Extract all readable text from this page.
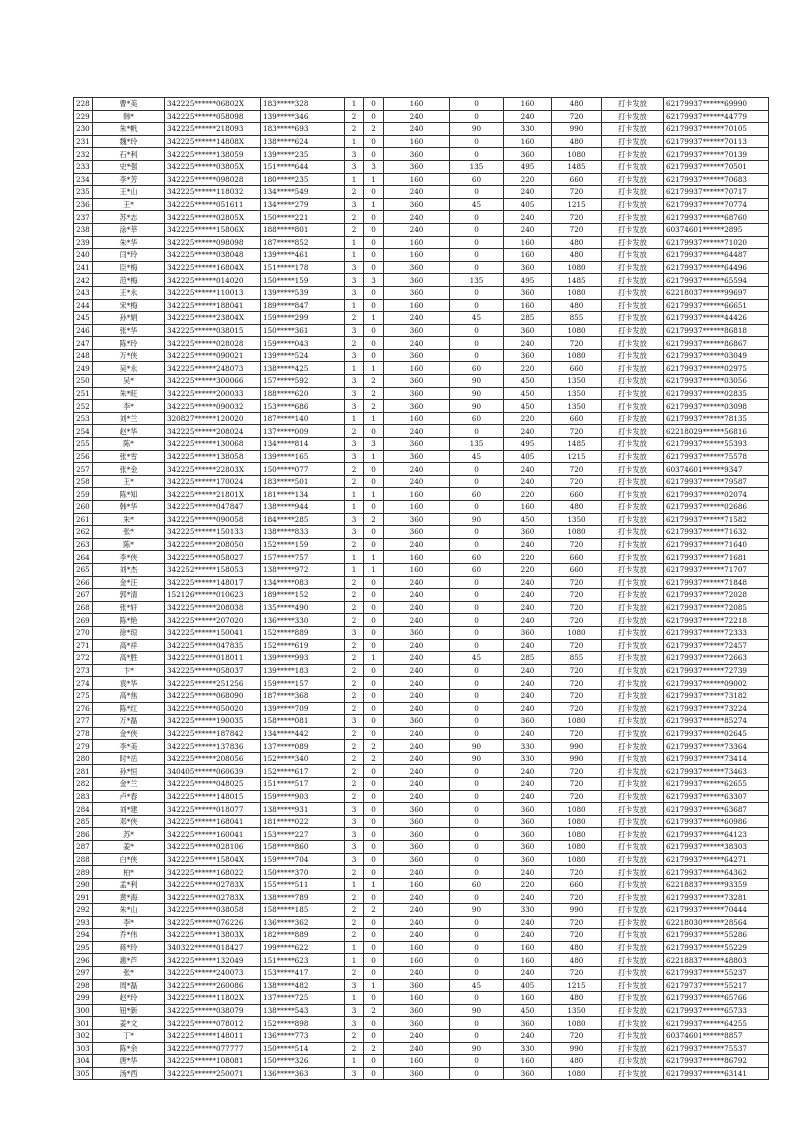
228	曹*美	342225******06802X	183*****328	1	0	160	0	160	480	打卡发放	62179937******69990
229	韩*	342225******058098	139*****346	2	0	240	0	240	720	打卡发放	62179937******44779
230	朱*帆	342225******218093	183*****693	2	2	240	90	330	990	打卡发放	62179937******70105
231	魏*玲	342225******14808X	138*****624	1	0	160	0	160	480	打卡发放	62179937******70113
232	石*利	342225******138059	139*****235	3	0	360	0	360	1080	打卡发放	62179937******70139
233	史*强	342225******03805X	151*****644	3	3	360	135	495	1485	打卡发放	62179937******70501
234	李*芳	342225******098028	180*****235	1	1	160	60	220	660	打卡发放	62179937******70683
235	王*山	342225******118032	134*****549	2	0	240	0	240	720	打卡发放	62179937******70717
236	王*	342225******051611	134*****279	3	1	360	45	405	1215	打卡发放	62179937******70774
237	苏*志	342225******02805X	150*****221	2	0	240	0	240	720	打卡发放	62179937******68760
238	涂*莘	342225******15806X	188*****801	2	0	240	0	240	720	打卡发放	60374601******2895
239	朱*华	342225******098098	187*****852	1	0	160	0	160	480	打卡发放	62179937******71020
240	闫*玲	342225******038048	139*****461	1	0	160	0	160	480	打卡发放	62179937******64487
241	臣*梅	342225******16804X	151*****178	3	0	360	0	360	1080	打卡发放	62179937******64496
242	范*梅	342225******014020	150*****159	3	3	360	135	495	1485	打卡发放	62179937******65594
243	王*永	342225******110013	139*****539	3	0	360	0	360	1080	打卡发放	62218037******99697
244	宋*梅	342225******188041	189*****847	1	0	160	0	160	480	打卡发放	62179937******66651
245	孙*娟	342225******23804X	159*****299	2	1	240	45	285	855	打卡发放	62179937******44426
246	张*华	342225******038015	150*****361	3	0	360	0	360	1080	打卡发放	62179937******86818
247	陈*玲	342225******028028	159*****043	2	0	240	0	240	720	打卡发放	62179937******86867
248	万*侠	342225******090021	139*****524	3	0	360	0	360	1080	打卡发放	62179937******03049
249	吴*永	342225******248073	138*****425	1	1	160	60	220	660	打卡发放	62179937******02975
250	吴*	342225******300066	157*****592	3	2	360	90	450	1350	打卡发放	62179937******03056
251	朱*旺	342225******200033	188*****620	3	2	360	90	450	1350	打卡发放	62179937******02835
252	李*	342225******090032	153*****686	3	2	360	90	450	1350	打卡发放	62179937******03098
253	刘*兰	320827******120020	187*****140	1	1	160	60	220	660	打卡发放	62179937******78135
254	赵*华	342225******208024	137*****009	2	0	240	0	240	720	打卡发放	62218029******56816
255	陈*	342225******130068	134*****814	3	3	360	135	495	1485	打卡发放	62179937******55393
256	张*雪	342225******138058	139*****165	3	1	360	45	405	1215	打卡发放	62179937******75578
257	张*金	342225******22803X	150*****077	2	0	240	0	240	720	打卡发放	60374601******9347
258	王*	342225******170024	183*****501	2	0	240	0	240	720	打卡发放	62179937******79587
259	陈*知	342225******21801X	181*****134	1	1	160	60	220	660	打卡发放	62179937******02074
260	韩*华	342225******047847	138*****944	1	0	160	0	160	480	打卡发放	62179937******02686
261	朱*	342225******090058	184*****285	3	2	360	90	450	1350	打卡发放	62179937******71582
262	张*	342225******150133	138*****833	3	0	360	0	360	1080	打卡发放	62179937******71632
263	陈*	342225******208050	152*****159	2	0	240	0	240	720	打卡发放	62179937******71640
264	李*侠	342225******058027	157*****757	1	1	160	60	220	660	打卡发放	62179937******71681
265	刘*杰	342252******158053	138*****972	1	1	160	60	220	660	打卡发放	62179937******71707
266	金*汪	342225******148017	134*****083	2	0	240	0	240	720	打卡发放	62179937******71848
267	郭*清	152126******010623	189*****152	2	0	240	0	240	720	打卡发放	62179937******72028
268	张*轩	342225******208038	135*****490	2	0	240	0	240	720	打卡发放	62179937******72085
269	陈*艳	342225******207020	136*****330	2	0	240	0	240	720	打卡发放	62179937******72218
270	徐*琼	342225******150041	152*****889	3	0	360	0	360	1080	打卡发放	62179937******72333
271	高*祥	342225******047835	152*****619	2	0	240	0	240	720	打卡发放	62179937******72457
272	高*胜	342225******018011	139*****993	2	1	240	45	285	855	打卡发放	62179937******72663
273	卞*	342225******058037	139*****183	2	0	240	0	240	720	打卡发放	62179937******72739
274	袁*华	342225******251256	159*****157	2	0	240	0	240	720	打卡发放	62179937******09002
275	高*焦	342225******068090	187*****368	2	0	240	0	240	720	打卡发放	62179937******73182
276	陈*红	342225******050020	139*****709	2	0	240	0	240	720	打卡发放	62179937******73224
277	万*磊	342225******190035	158*****081	3	0	360	0	360	1080	打卡发放	62179937******85274
278	金*侠	342225******187842	134*****442	2	0	240	0	240	720	打卡发放	62179937******02645
279	李*美	342225******137836	137*****089	2	2	240	90	330	990	打卡发放	62179937******73364
280	时*岳	342225******208056	152*****340	2	2	240	90	330	990	打卡发放	62179937******73414
281	孙*恒	340405******060639	152*****617	2	0	240	0	240	720	打卡发放	62179937******73463
282	金*兰	342225******048025	151*****517	2	0	240	0	240	720	打卡发放	62179937******62655
283	卢*春	342225******148015	159*****903	2	0	240	0	240	720	打卡发放	62179937******63307
284	刘*建	342225******018077	138*****931	3	0	360	0	360	1080	打卡发放	62179937******63687
285	邓*侠	342225******168041	181*****022	3	0	360	0	360	1080	打卡发放	62179937******60986
286	苏*	342225******160041	153*****227	3	0	360	0	360	1080	打卡发放	62179937******64123
287	姜*	342225******028106	158*****860	3	0	360	0	360	1080	打卡发放	62179937******38303
288	白*侠	342225******15804X	159*****704	3	0	360	0	360	1080	打卡发放	62179937******64271
289	柏*	342225******168022	150*****370	2	0	240	0	240	720	打卡发放	62179937******64362
290	孟*利	342225******02783X	155*****511	1	1	160	60	220	660	打卡发放	62218837******93359
291	黄*海	342225******02783X	138*****789	2	0	240	0	240	720	打卡发放	62179937******73281
292	朱*山	342225******038058	158*****185	2	2	240	90	330	990	打卡发放	62179937******70444
293	李*	342225******076226	136*****362	2	0	240	0	240	720	打卡发放	62218030******28564
294	乔*伟	342225******13803X	182*****889	2	0	240	0	240	720	打卡发放	62179937******55286
295	蒋*玲	340322******018427	199*****622	1	0	160	0	160	480	打卡发放	62179937******55229
296	惠*芦	342225******132049	151*****623	1	0	160	0	160	480	打卡发放	62218837******48803
297	张*	342225******240073	153*****417	2	0	240	0	240	720	打卡发放	62179937******55237
298	周*磊	342225******260086	138*****482	3	1	360	45	405	1215	打卡发放	62179737******55217
299	赵*玲	342225******11802X	137*****725	1	0	160	0	160	480	打卡发放	62179937******65766
300	钮*新	342225******038079	138*****543	3	2	360	90	450	1350	打卡发放	62179937******65733
301	姜*文	342225******078012	152*****898	3	0	360	0	360	1080	打卡发放	62179937******64255
302	丁*	342225******148011	136*****773	2	0	240	0	240	720	打卡发放	60374601******8857
303	陈*余	342225******077777	150*****514	2	2	240	90	330	990	打卡发放	62179937******75537
304	唐*华	342225******108081	150*****326	1	0	160	0	160	480	打卡发放	62179937******86792
305	汤*西	342225******250071	136*****363	3	0	360	0	360	1080	打卡发放	62179937******63141
